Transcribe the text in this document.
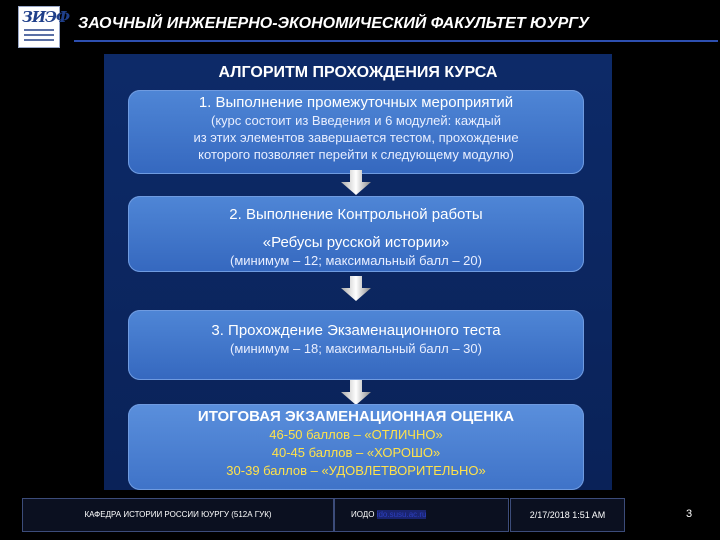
ЗИЭФ ЗАОЧНЫЙ ИНЖЕНЕРНО-ЭКОНОМИЧЕСКИЙ ФАКУЛЬТЕТ ЮУРГУ
АЛГОРИТМ ПРОХОЖДЕНИЯ КУРСА
1. Выполнение промежуточных мероприятий
(курс состоит из Введения и 6 модулей: каждый
из этих элементов завершается тестом, прохождение
которого позволяет перейти к следующему модулю)
2. Выполнение Контрольной работы
«Ребусы русской истории»
(минимум – 12; максимальный балл – 20)
3. Прохождение Экзаменационного теста
(минимум – 18; максимальный балл – 30)
ИТОГОВАЯ ЭКЗАМЕНАЦИОННАЯ ОЦЕНКА
46-50 баллов – «ОТЛИЧНО»
40-45 баллов – «ХОРОШО»
30-39 баллов – «УДОВЛЕТВОРИТЕЛЬНО»
КАФЕДРА ИСТОРИИ РОССИИ ЮУРГУ (512А ГУК)	ИОДО ido.susu.ac.ru	2/17/2018 1:51 AM	3
